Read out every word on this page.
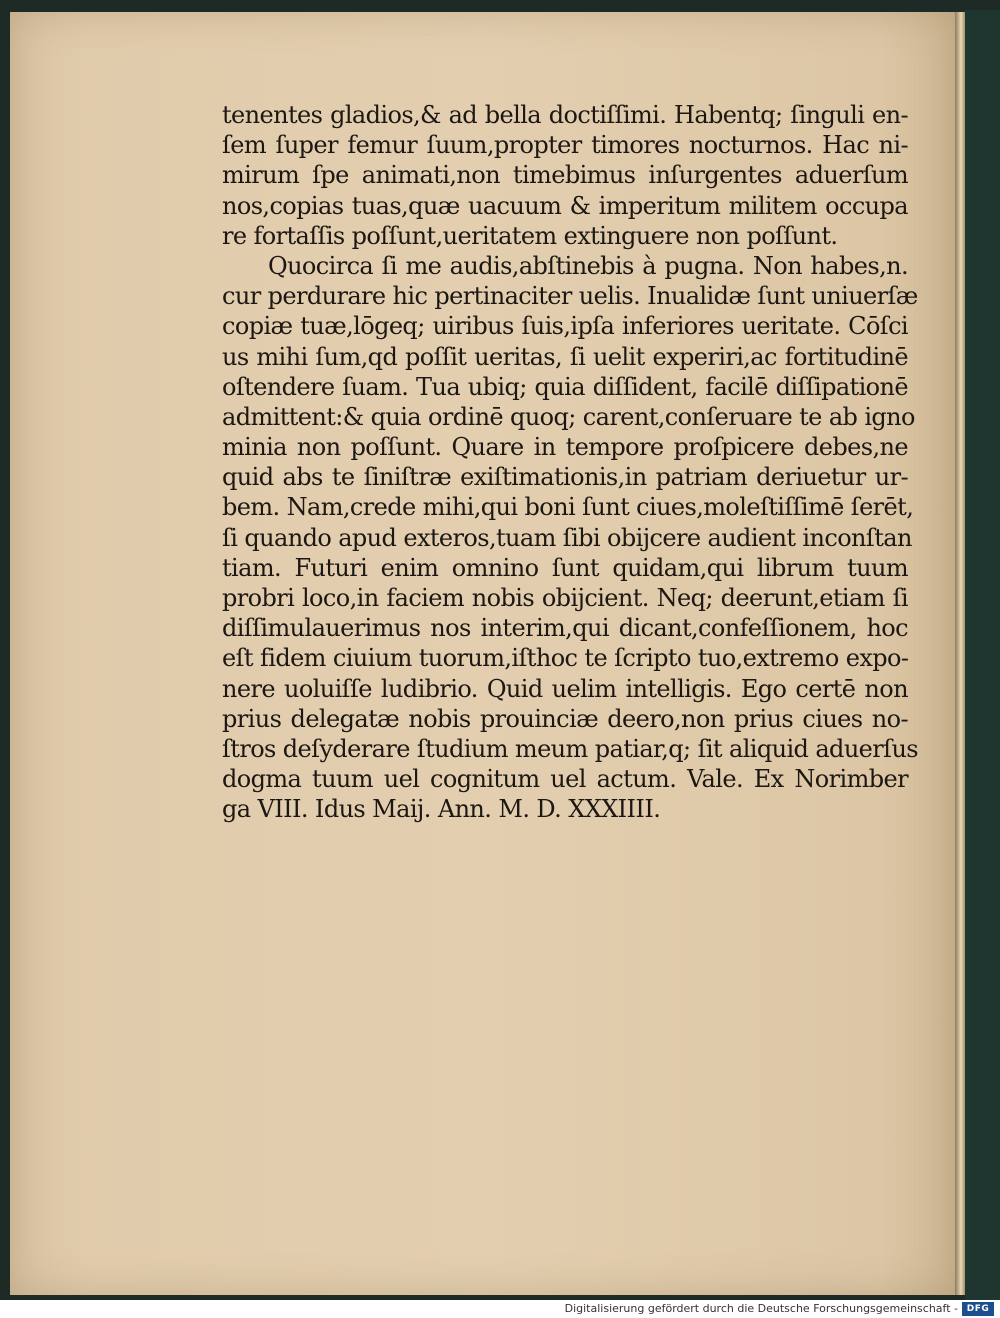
tenentes gladios,& ad bella doctiſſimi. Habentq; ſinguli en-
ſem ſuper femur ſuum,propter timores nocturnos. Hac ni-
mirum ſpe animati,non timebimus inſurgentes aduerſum
nos,copias tuas,quæ uacuum & imperitum militem occupa
re fortaſſis poſſunt,ueritatem extinguere non poſſunt.
Quocirca ſi me audis,abſtinebis à pugna. Non habes,n.
cur perdurare hic pertinaciter uelis. Inualidæ ſunt uniuerſæ
copiæ tuæ,lōgeq; uiribus ſuis,ipſa inferiores ueritate. Cōſci
us mihi ſum,qd poſſit ueritas, ſi uelit experiri,ac fortitudinē
oſtendere ſuam. Tua ubiq; quia diſſident, facilē diſſipationē
admittent:& quia ordinē quoq; carent,conſeruare te ab igno
minia non poſſunt. Quare in tempore proſpicere debes,ne
quid abs te ſiniſtræ exiſtimationis,in patriam deriuetur ur-
bem. Nam,crede mihi,qui boni ſunt ciues,moleſtiſſimē ſerēt,
ſi quando apud exteros,tuam ſibi obijcere audient inconſtan
tiam. Futuri enim omnino ſunt quidam,qui librum tuum
probri loco,in faciem nobis obijcient. Neq; deerunt,etiam ſi
diſſimulauerimus nos interim,qui dicant,confeſſionem, hoc
eſt fidem ciuium tuorum,iſthoc te ſcripto tuo,extremo expo-
nere uoluiſſe ludibrio. Quid uelim intelligis. Ego certē non
prius delegatæ nobis prouinciæ deero,non prius ciues no-
ſtros deſyderare ſtudium meum patiar,q; ſit aliquid aduerſus
dogma tuum uel cognitum uel actum. Vale. Ex Norimber
ga VIII. Idus Maij. Ann. M. D. XXXIIII.
Digitalisierung gefördert durch die Deutsche Forschungsgemeinschaft - DFG
